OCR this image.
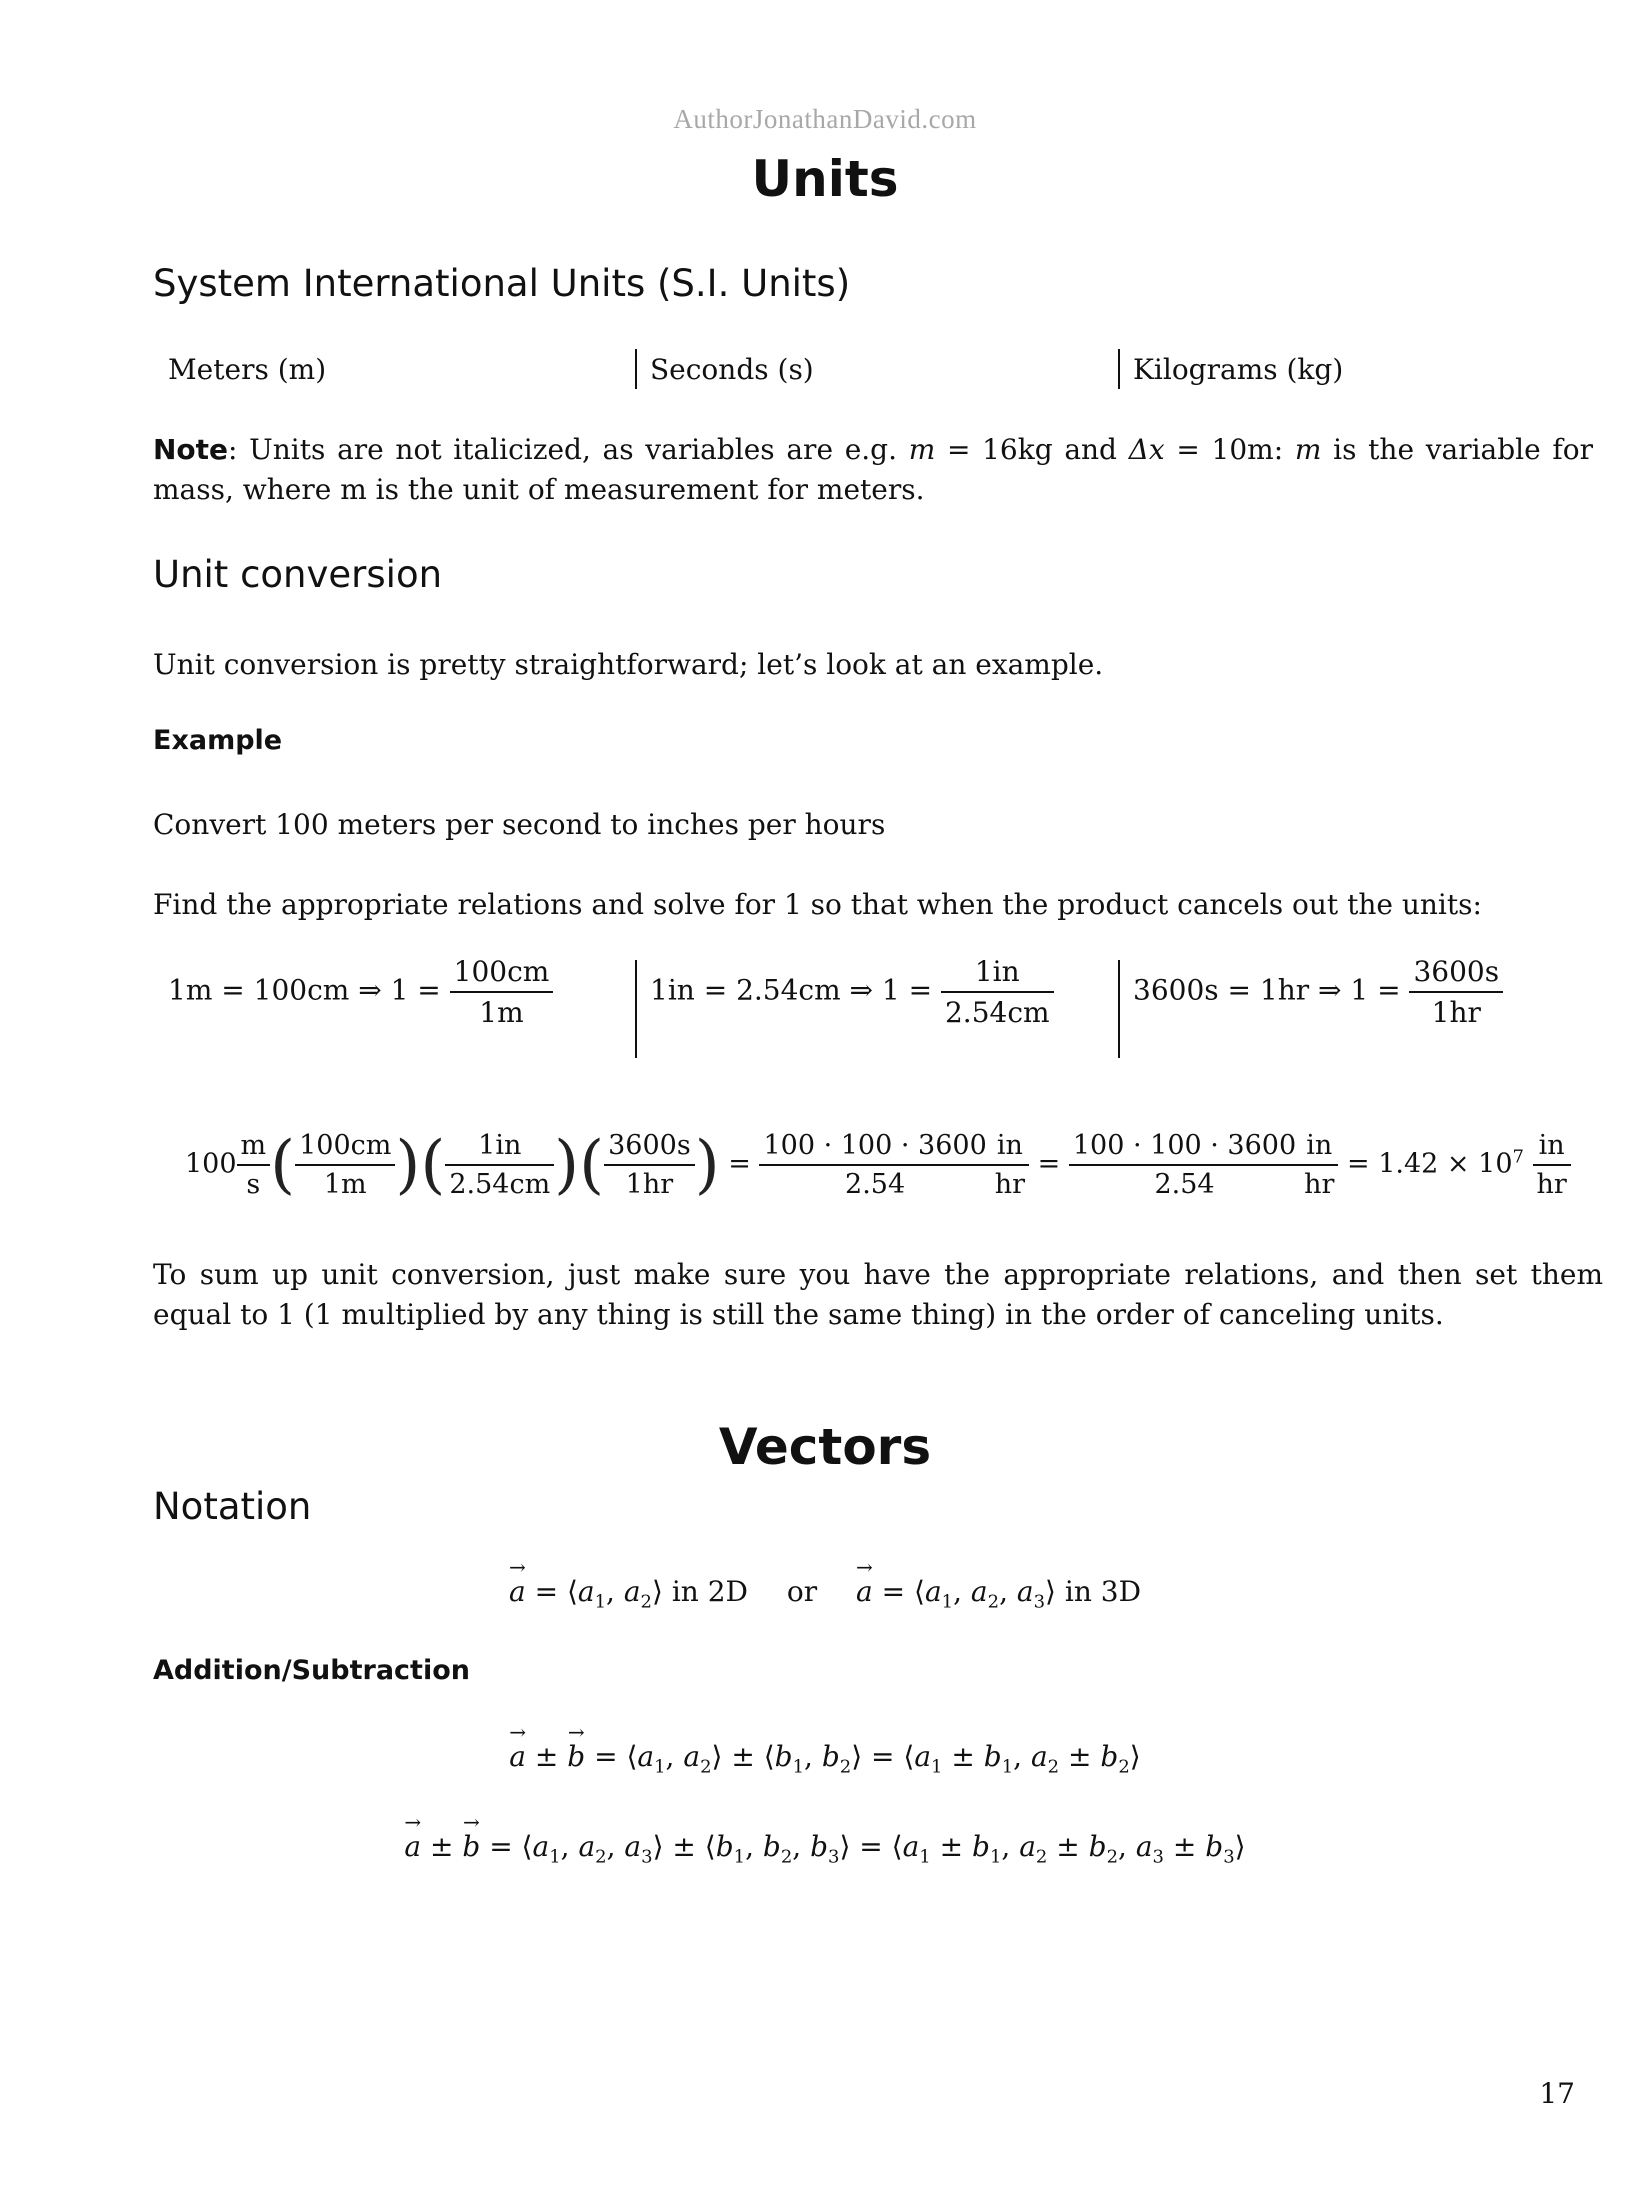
AuthorJonathanDavid.com
Units
System International Units (S.I. Units)
Meters (m)	Seconds (s)	Kilograms (kg)
Note: Units are not italicized, as variables are e.g. m = 16kg and Δx = 10m: m is the variable for mass, where m is the unit of measurement for meters.
Unit conversion
Unit conversion is pretty straightforward; let’s look at an example.
Example
Convert 100 meters per second to inches per hours
Find the appropriate relations and solve for 1 so that when the product cancels out the units:
1m = 100cm ⇒ $1 = \frac{100cm}{1m}$	1in = 2.54cm ⇒ $1 = \frac{1in}{2.54cm}$	3600s = 1hr ⇒ $1 = \frac{3600s}{1hr}$
$100 \frac{m}{s}$ ( $\frac{100cm}{1m}$ )( $\frac{1in}{2.54cm}$ )( $\frac{3600s}{1hr}$ ) = $\frac{100 \cdot 100 \cdot 3600}{2.54} \frac{in}{hr} = \frac{100 \cdot 100 \cdot 3600}{2.54} \frac{in}{hr} = 1.42 \times 10^7 \frac{in}{hr}$
To sum up unit conversion, just make sure you have the appropriate relations, and then set them equal to 1 (1 multiplied by any thing is still the same thing) in the order of canceling units.
Vectors
Notation
→ $a = ⟨a_1$, $a_2⟩$ in 2D or → $a = ⟨a_1$, $a_2$, $a_3⟩$ in 3D
Addition/Subtraction
→ a ± → $b = ⟨a_1$, $a_2⟩$ ± $⟨b_1$, $b_2⟩$ = $⟨a_1 \pm b_1$, $a_2$ ± $b_2⟩$
→ a ± → $b = ⟨a_1$, $a_2$, $a_3⟩$ ± $⟨b_1$, $b_2$, $b_3⟩$ = $⟨a_1 \pm b_1$, $a_2 \pm b_2$, $a_3$ ± $b_3⟩$
17
